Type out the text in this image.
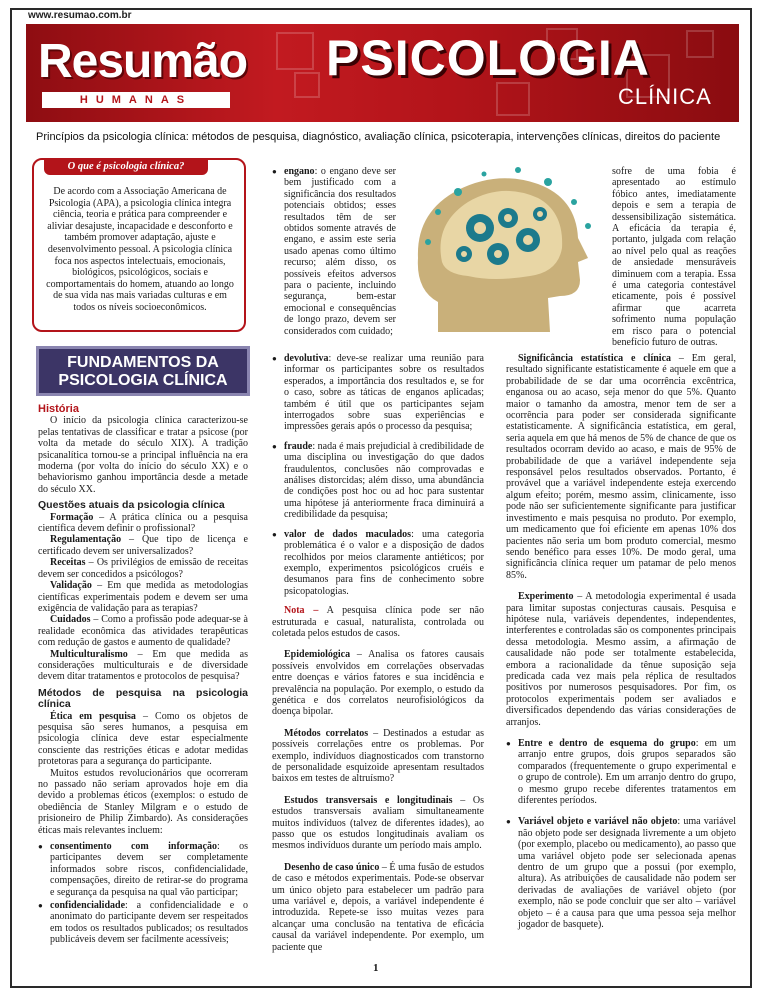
www.resumao.com.br
Resumão
HUMANAS
PSICOLOGIA
CLÍNICA
Princípios da psicologia clínica: métodos de pesquisa, diagnóstico, avaliação clínica, psicoterapia, intervenções clínicas, direitos do paciente
O que é psicologia clínica?
De acordo com a Associação Americana de Psicologia (APA), a psicologia clínica integra ciência, teoria e prática para compreender e aliviar desajuste, incapacidade e desconforto e também promover adaptação, ajuste e desenvolvimento pessoal. A psicologia clínica foca nos aspectos intelectuais, emocionais, biológicos, psicológicos, sociais e comportamentais do homem, atuando ao longo de sua vida nas mais variadas culturas e em todos os níveis socioeconômicos.
FUNDAMENTOS DA
PSICOLOGIA CLÍNICA
História

O início da psicologia clínica caracterizou-se pelas tentativas de classificar e tratar a psicose (por volta da metade do século XIX). A tradição psicanalítica tornou-se a principal influência na era moderna (por volta do início do século XX) e o behaviorismo ganhou importância desde a metade do século XX.

Questões atuais da psicologia clínica
Formação – A prática clínica ou a pesquisa científica devem definir o profissional?
Regulamentação – Que tipo de licença e certificado devem ser universalizados?
Receitas – Os privilégios de emissão de receitas devem ser concedidos a psicólogos?
Validação – Em que medida as metodologias científicas experimentais podem e devem ser uma exigência de validação para as terapias?
Cuidados – Como a profissão pode adequar-se à realidade econômica das atividades terapêuticas com redução de gastos e aumento de qualidade?
Multiculturalismo – Em que medida as considerações multiculturais e de diversidade devem ditar tratamentos e protocolos de pesquisa?
Métodos de pesquisa na psicologia clínica

Ética em pesquisa – Como os objetos de pesquisa são seres humanos, a pesquisa em psicologia clínica deve estar especialmente consciente das restrições éticas e adotar medidas protetoras para a segurança do participante.

Muitos estudos revolucionários que ocorreram no passado não seriam aprovados hoje em dia devido a problemas éticos (exemplos: o estudo de obediência de Stanley Milgram e o estudo de prisioneiro de Philip Zimbardo). As considerações éticas mais relevantes incluem:

● consentimento com informação: os participantes devem ser completamente informados sobre riscos, confidencialidade, compensações, direito de retirar-se do programa e segurança da pesquisa na qual vão participar;
● confidencialidade: a confidencialidade e o anonimato do participante devem ser respeitados em todos os resultados publicados; os resultados publicáveis devem ser facilmente acessíveis;
● engano: o engano deve ser bem justificado com a significância dos resultados potenciais obtidos; esses resultados têm de ser obtidos somente através de engano, e assim este seria usado apenas como último recurso; além disso, os possíveis efeitos adversos para o paciente, incluindo segurança, bem-estar emocional e consequências de longo prazo, devem ser considerados com cuidado;
● devolutiva: deve-se realizar uma reunião para informar os participantes sobre os resultados esperados, a importância dos resultados e, se for o caso, sobre as táticas de enganos aplicadas; também é útil que os participantes sejam interrogados sobre suas experiências e impressões gerais após o processo da pesquisa;
● fraude: nada é mais prejudicial à credibilidade de uma disciplina ou investigação do que dados fraudulentos, conclusões não comprovadas e análises distorcidas; além disso, uma abundância de condições post hoc ou ad hoc para sustentar uma hipótese já anteriormente fraca diminuirá a credibilidade da pesquisa;
● valor de dados maculados: uma categoria problemática é o valor e a disposição de dados recolhidos por meios claramente antiéticos; por exemplo, experimentos psicológicos cruéis e desumanos para fins de conhecimento sobre psicopatologias.

Nota – A pesquisa clínica pode ser não estruturada e casual, naturalista, controlada ou coletada pelos estudos de casos.

Epidemiológica – Analisa os fatores causais possíveis envolvidos em correlações observadas entre doenças e vários fatores e sua incidência e prevalência na população. Por exemplo, o estudo da genética e dos correlatos neurofisiológicos da doença bipolar.
Métodos correlatos – Destinados a estudar as possíveis correlações entre os problemas. Por exemplo, indivíduos diagnosticados com transtorno de personalidade esquizoide apresentam resultados baixos em testes de altruísmo?
Estudos transversais e longitudinais – Os estudos transversais avaliam simultaneamente muitos indivíduos (talvez de diferentes idades), ao passo que os estudos longitudinais avaliam os mesmos indivíduos durante um período mais amplo.
Desenho de caso único – É uma fusão de estudos de caso e métodos experimentais. Pode-se observar um único objeto para estabelecer um padrão para uma variável e, depois, a variável independente é introduzida. Repete-se isso muitas vezes para alcançar uma conclusão na tentativa de eficácia causal da variável independente. Por exemplo, um paciente que
sofre de uma fobia é apresentado ao estímulo fóbico antes, imediatamente depois e sem a terapia de dessensibilização sistemática. A eficácia da terapia é, portanto, julgada com relação ao nível pelo qual as reações de ansiedade mensuráveis diminuem com a terapia. Essa é uma categoria contestável eticamente, pois é possível afirmar que acarreta sofrimento numa população em risco para o potencial benefício futuro de outras.

Significância estatística e clínica – Em geral, resultado significante estatisticamente é aquele em que a probabilidade de se dar uma ocorrência excêntrica, enganosa ou ao acaso, seja menor do que 5%. Quanto maior o tamanho da amostra, menor tem de ser a ocorrência para poder ser considerada significante estatisticamente. A significância estatística, em geral, seria aquela em que há menos de 5% de chance de que os resultados ocorram devido ao acaso, e mais de 95% de probabilidade de que a variável independente seja responsável pelos resultados observados. Portanto, é provável que a variável independente esteja exercendo algum efeito; porém, mesmo assim, clinicamente, isso pode não ser suficientemente significante para justificar investimento e mais pesquisa no produto. Por exemplo, um medicamento que foi eficiente em apenas 10% dos pacientes não seria um bom produto comercial, mesmo sendo benéfico para esses 10%. De modo geral, uma significância clínica requer um patamar de pelo menos 85%.

Experimento – A metodologia experimental é usada para limitar supostas conjecturas causais. Pesquisa e hipótese nula, variáveis dependentes, independentes, interferentes e controladas são os componentes principais dessa metodologia. Mesmo assim, a afirmação de causalidade não pode ser totalmente estabelecida, embora a racionalidade da tênue suposição seja predicada cada vez mais pela réplica de resultados positivos por numerosos pesquisadores. Por fim, os protocolos experimentais podem ser avaliados e diversificados dependendo das várias considerações de arranjos.

● Entre e dentro de esquema do grupo: em um arranjo entre grupos, dois grupos separados são comparados (frequentemente o grupo experimental e o grupo de controle). Em um arranjo dentro do grupo, o mesmo grupo recebe diferentes tratamentos em diferentes períodos.
● Variável objeto e variável não objeto: uma variável não objeto pode ser designada livremente a um objeto (por exemplo, placebo ou medicamento), ao passo que uma variável objeto pode ser selecionada apenas dentro de um grupo que a possui (por exemplo, altura). As atribuições de causalidade não podem ser derivadas de avaliações de variável objeto (por exemplo, não se pode concluir que ser alto – variável objeto – é a causa para que uma pessoa seja melhor jogador de basquete).
1
